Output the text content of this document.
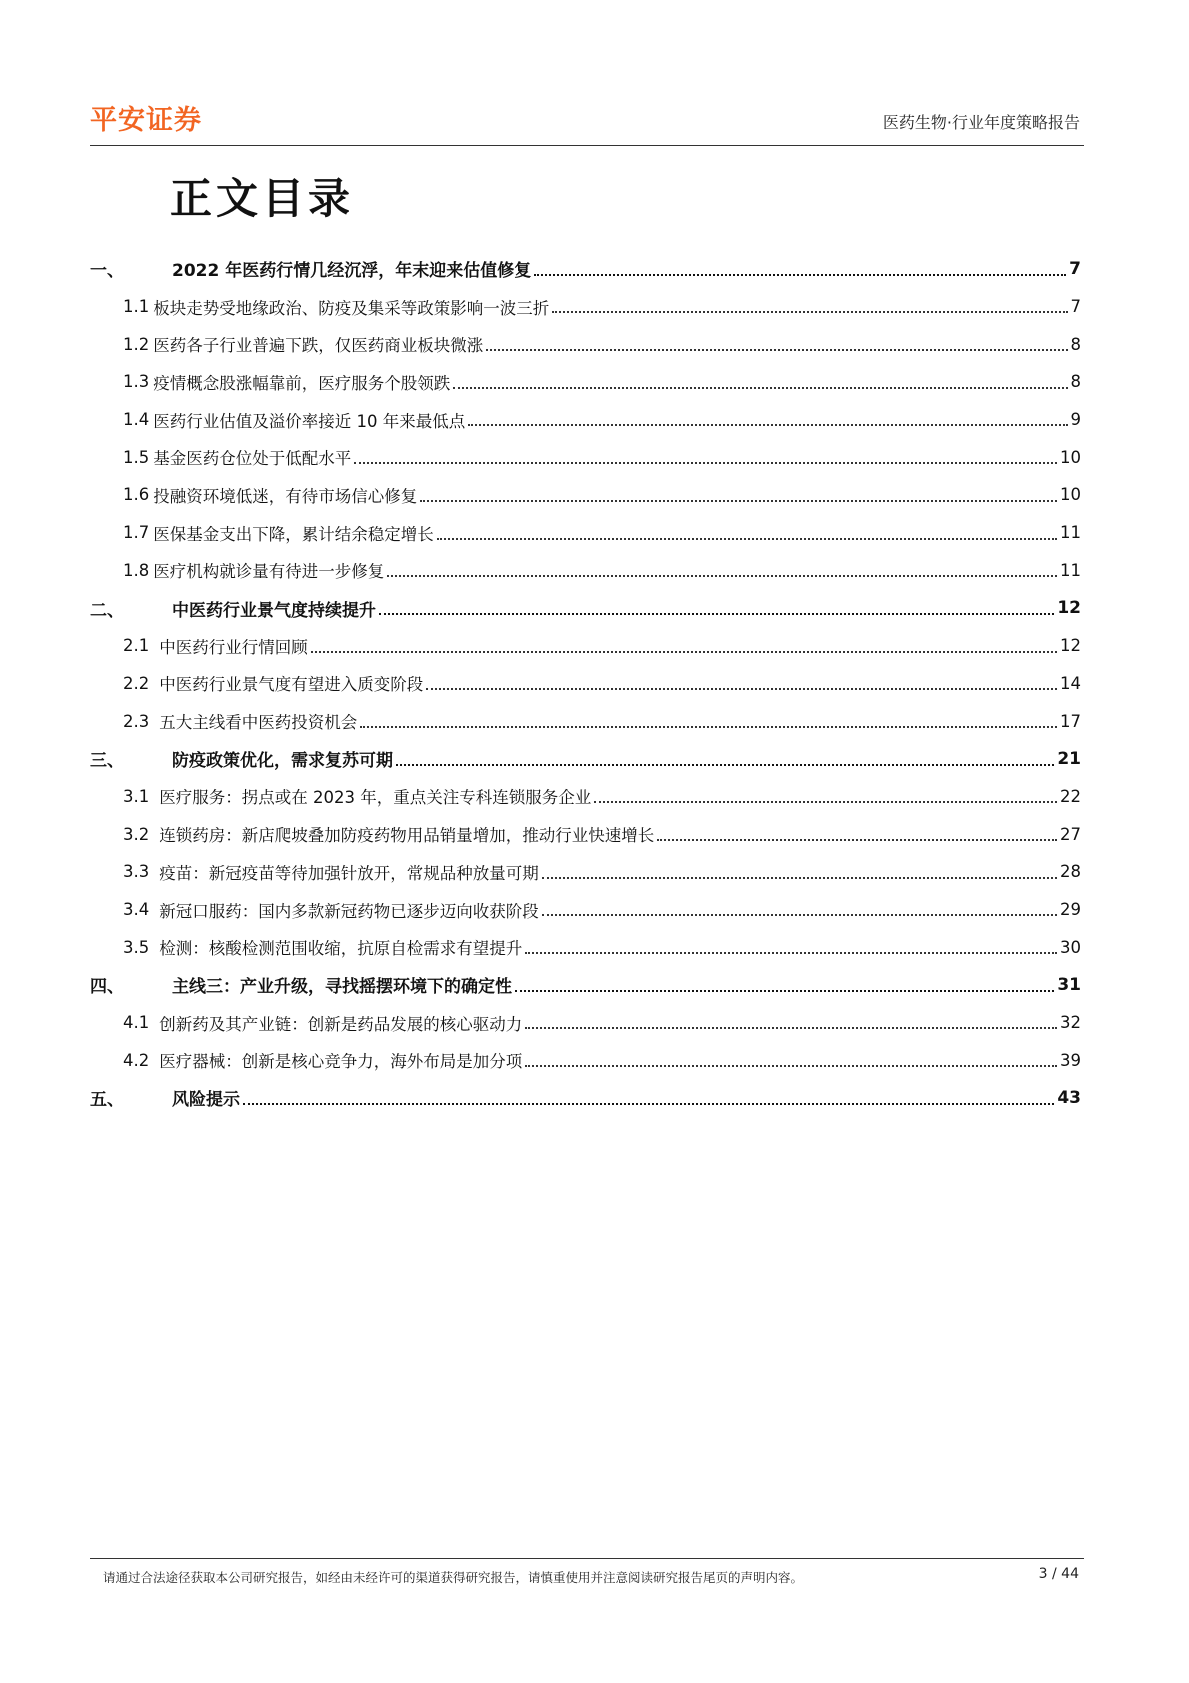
平安证券	医药生物·行业年度策略报告
正文目录
一、	2022 年医药行情几经沉浮，年末迎来估值修复	7
1.1 板块走势受地缘政治、防疫及集采等政策影响一波三折	7
1.2 医药各子行业普遍下跌，仅医药商业板块微涨	8
1.3 疫情概念股涨幅靠前，医疗服务个股领跌	8
1.4 医药行业估值及溢价率接近 10 年来最低点	9
1.5 基金医药仓位处于低配水平	10
1.6 投融资环境低迷，有待市场信心修复	10
1.7 医保基金支出下降，累计结余稳定增长	11
1.8 医疗机构就诊量有待进一步修复	11
二、	中医药行业景气度持续提升	12
2.1 中医药行业行情回顾	12
2.2 中医药行业景气度有望进入质变阶段	14
2.3 五大主线看中医药投资机会	17
三、	防疫政策优化，需求复苏可期	21
3.1 医疗服务：拐点或在 2023 年，重点关注专科连锁服务企业	22
3.2 连锁药房：新店爬坡叠加防疫药物用品销量增加，推动行业快速增长	27
3.3 疫苗：新冠疫苗等待加强针放开，常规品种放量可期	28
3.4 新冠口服药：国内多款新冠药物已逐步迈向收获阶段	29
3.5 检测：核酸检测范围收缩，抗原自检需求有望提升	30
四、	主线三：产业升级，寻找摇摆环境下的确定性	31
4.1 创新药及其产业链：创新是药品发展的核心驱动力	32
4.2 医疗器械：创新是核心竞争力，海外布局是加分项	39
五、	风险提示	43
请通过合法途径获取本公司研究报告，如经由未经许可的渠道获得研究报告，请慎重使用并注意阅读研究报告尾页的声明内容。	3 / 44
